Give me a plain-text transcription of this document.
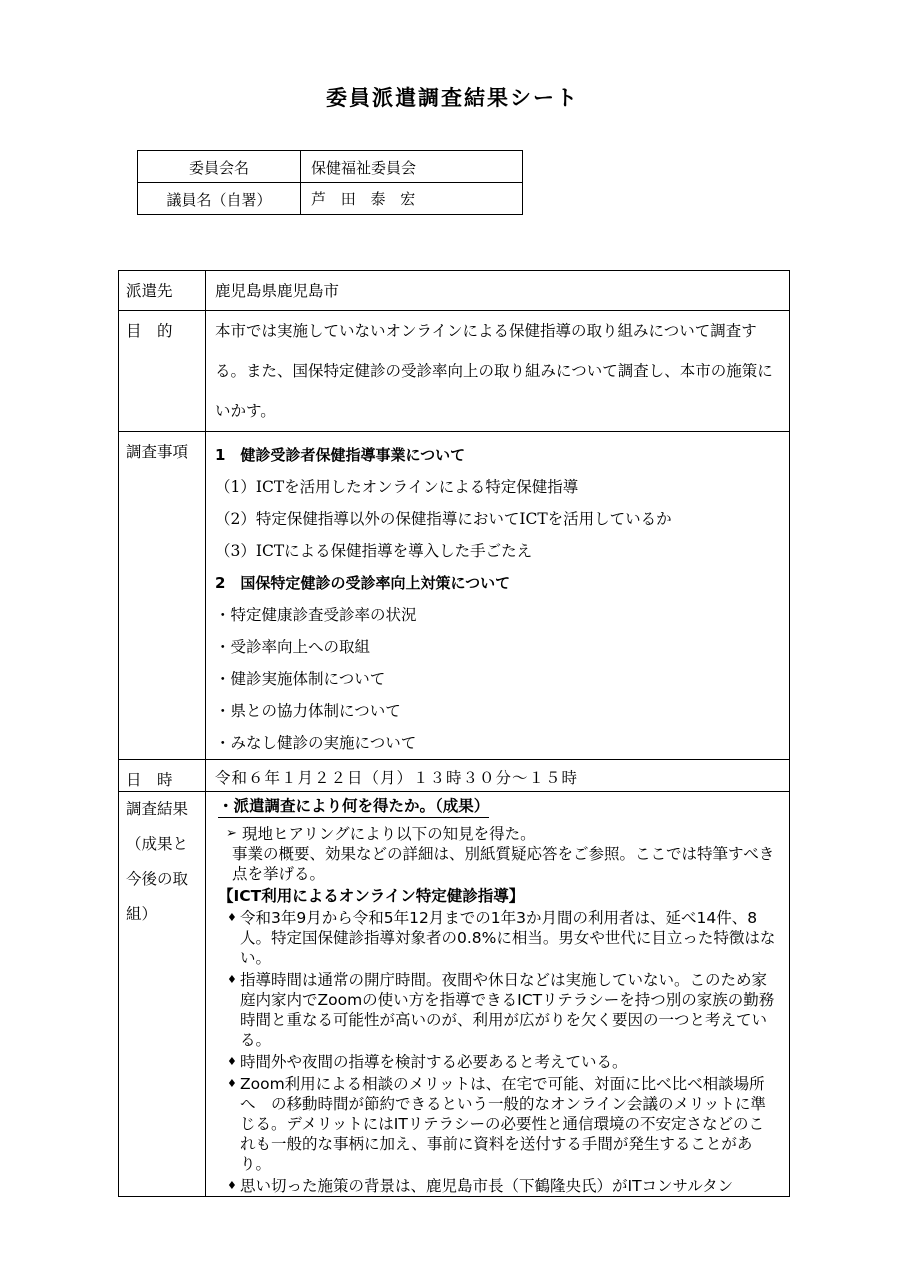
委員派遣調査結果シート
委員会名	保健福祉委員会
議員名（自署）	芦 田 泰 宏
派遣先	鹿児島県鹿児島市
目　的	本市では実施していないオンラインによる保健指導の取り組みについて調査する。また、国保特定健診の受診率向上の取り組みについて調査し、本市の施策にいかす。
調査事項	1　健診受診者保健指導事業について
（1）ICTを活用したオンラインによる特定保健指導
（2）特定保健指導以外の保健指導においてICTを活用しているか
（3）ICTによる保健指導を導入した手ごたえ
2　国保特定健診の受診率向上対策について
・特定健康診査受診率の状況
・受診率向上への取組
・健診実施体制について
・県との協力体制について
・みなし健診の実施について

日　時	令和６年１月２２日（月）１３時３０分～１５時

調査結果
（成果と
今後の取
組）

・派遣調査により何を得たか。（成果）
➢ 現地ヒアリングにより以下の知見を得た。
事業の概要、効果などの詳細は、別紙質疑応答をご参照。ここでは特筆すべき点を挙げる。
【ICT利用によるオンライン特定健診指導】
♦ 令和3年9月から令和5年12月までの1年3か月間の利用者は、延べ14件、8人。特定国保健診指導対象者の0.8%に相当。男女や世代に目立った特徴はない。
♦ 指導時間は通常の開庁時間。夜間や休日などは実施していない。このため家庭内家内でZoomの使い方を指導できるICTリテラシーを持つ別の家族の勤務時間と重なる可能性が高いのが、利用が広がりを欠く要因の一つと考えている。
♦ 時間外や夜間の指導を検討する必要あると考えている。
♦ Zoom利用による相談のメリットは、在宅で可能、対面に比べ比べ相談場所へ　の移動時間が節約できるという一般的なオンライン会議のメリットに準じる。デメリットにはITリテラシーの必要性と通信環境の不安定さなどのこれも一般的な事柄に加え、事前に資料を送付する手間が発生することがあり。
♦ 思い切った施策の背景は、鹿児島市長（下鶴隆央氏）がITコンサルタン
